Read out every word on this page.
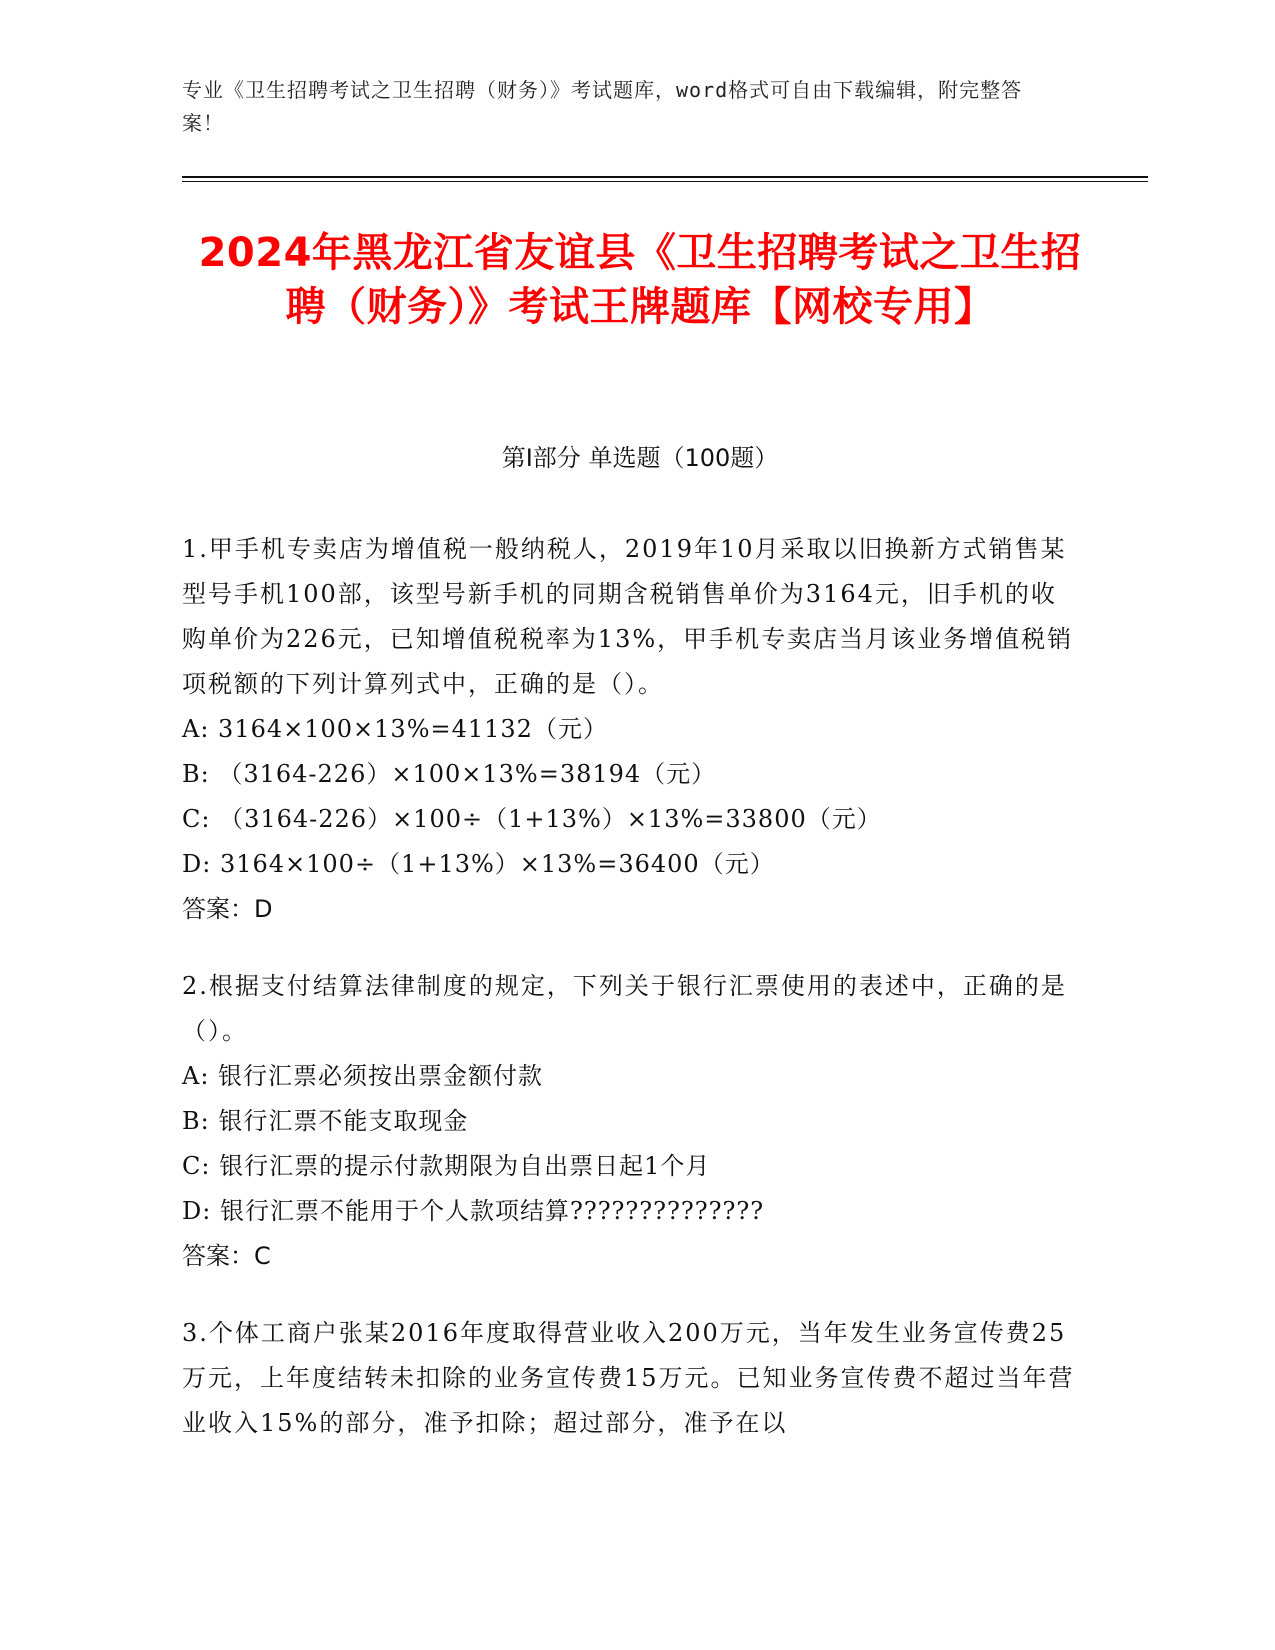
专业《卫生招聘考试之卫生招聘（财务）》考试题库，word格式可自由下载编辑，附完整答案！
2024年黑龙江省友谊县《卫生招聘考试之卫生招聘（财务）》考试王牌题库【网校专用】
第I部分 单选题（100题）

1.甲手机专卖店为增值税一般纳税人，2019年10月采取以旧换新方式销售某型号手机100部，该型号新手机的同期含税销售单价为3164元，旧手机的收购单价为226元，已知增值税税率为13%，甲手机专卖店当月该业务增值税销项税额的下列计算列式中，正确的是（）。

A: 3164×100×13%=41132（元）

B: （3164-226）×100×13%=38194（元）

C: （3164-226）×100÷（1+13%）×13%=33800（元）

D: 3164×100÷（1+13%）×13%=36400（元）

答案：D

2.根据支付结算法律制度的规定，下列关于银行汇票使用的表述中，正确的是（）。

A: 银行汇票必须按出票金额付款

B: 银行汇票不能支取现金

C: 银行汇票的提示付款期限为自出票日起1个月

D: 银行汇票不能用于个人款项结算??????????????

答案：C

3.个体工商户张某2016年度取得营业收入200万元，当年发生业务宣传费25万元，上年度结转未扣除的业务宣传费15万元。已知业务宣传费不超过当年营业收入15%的部分，准予扣除；超过部分，准予在以
